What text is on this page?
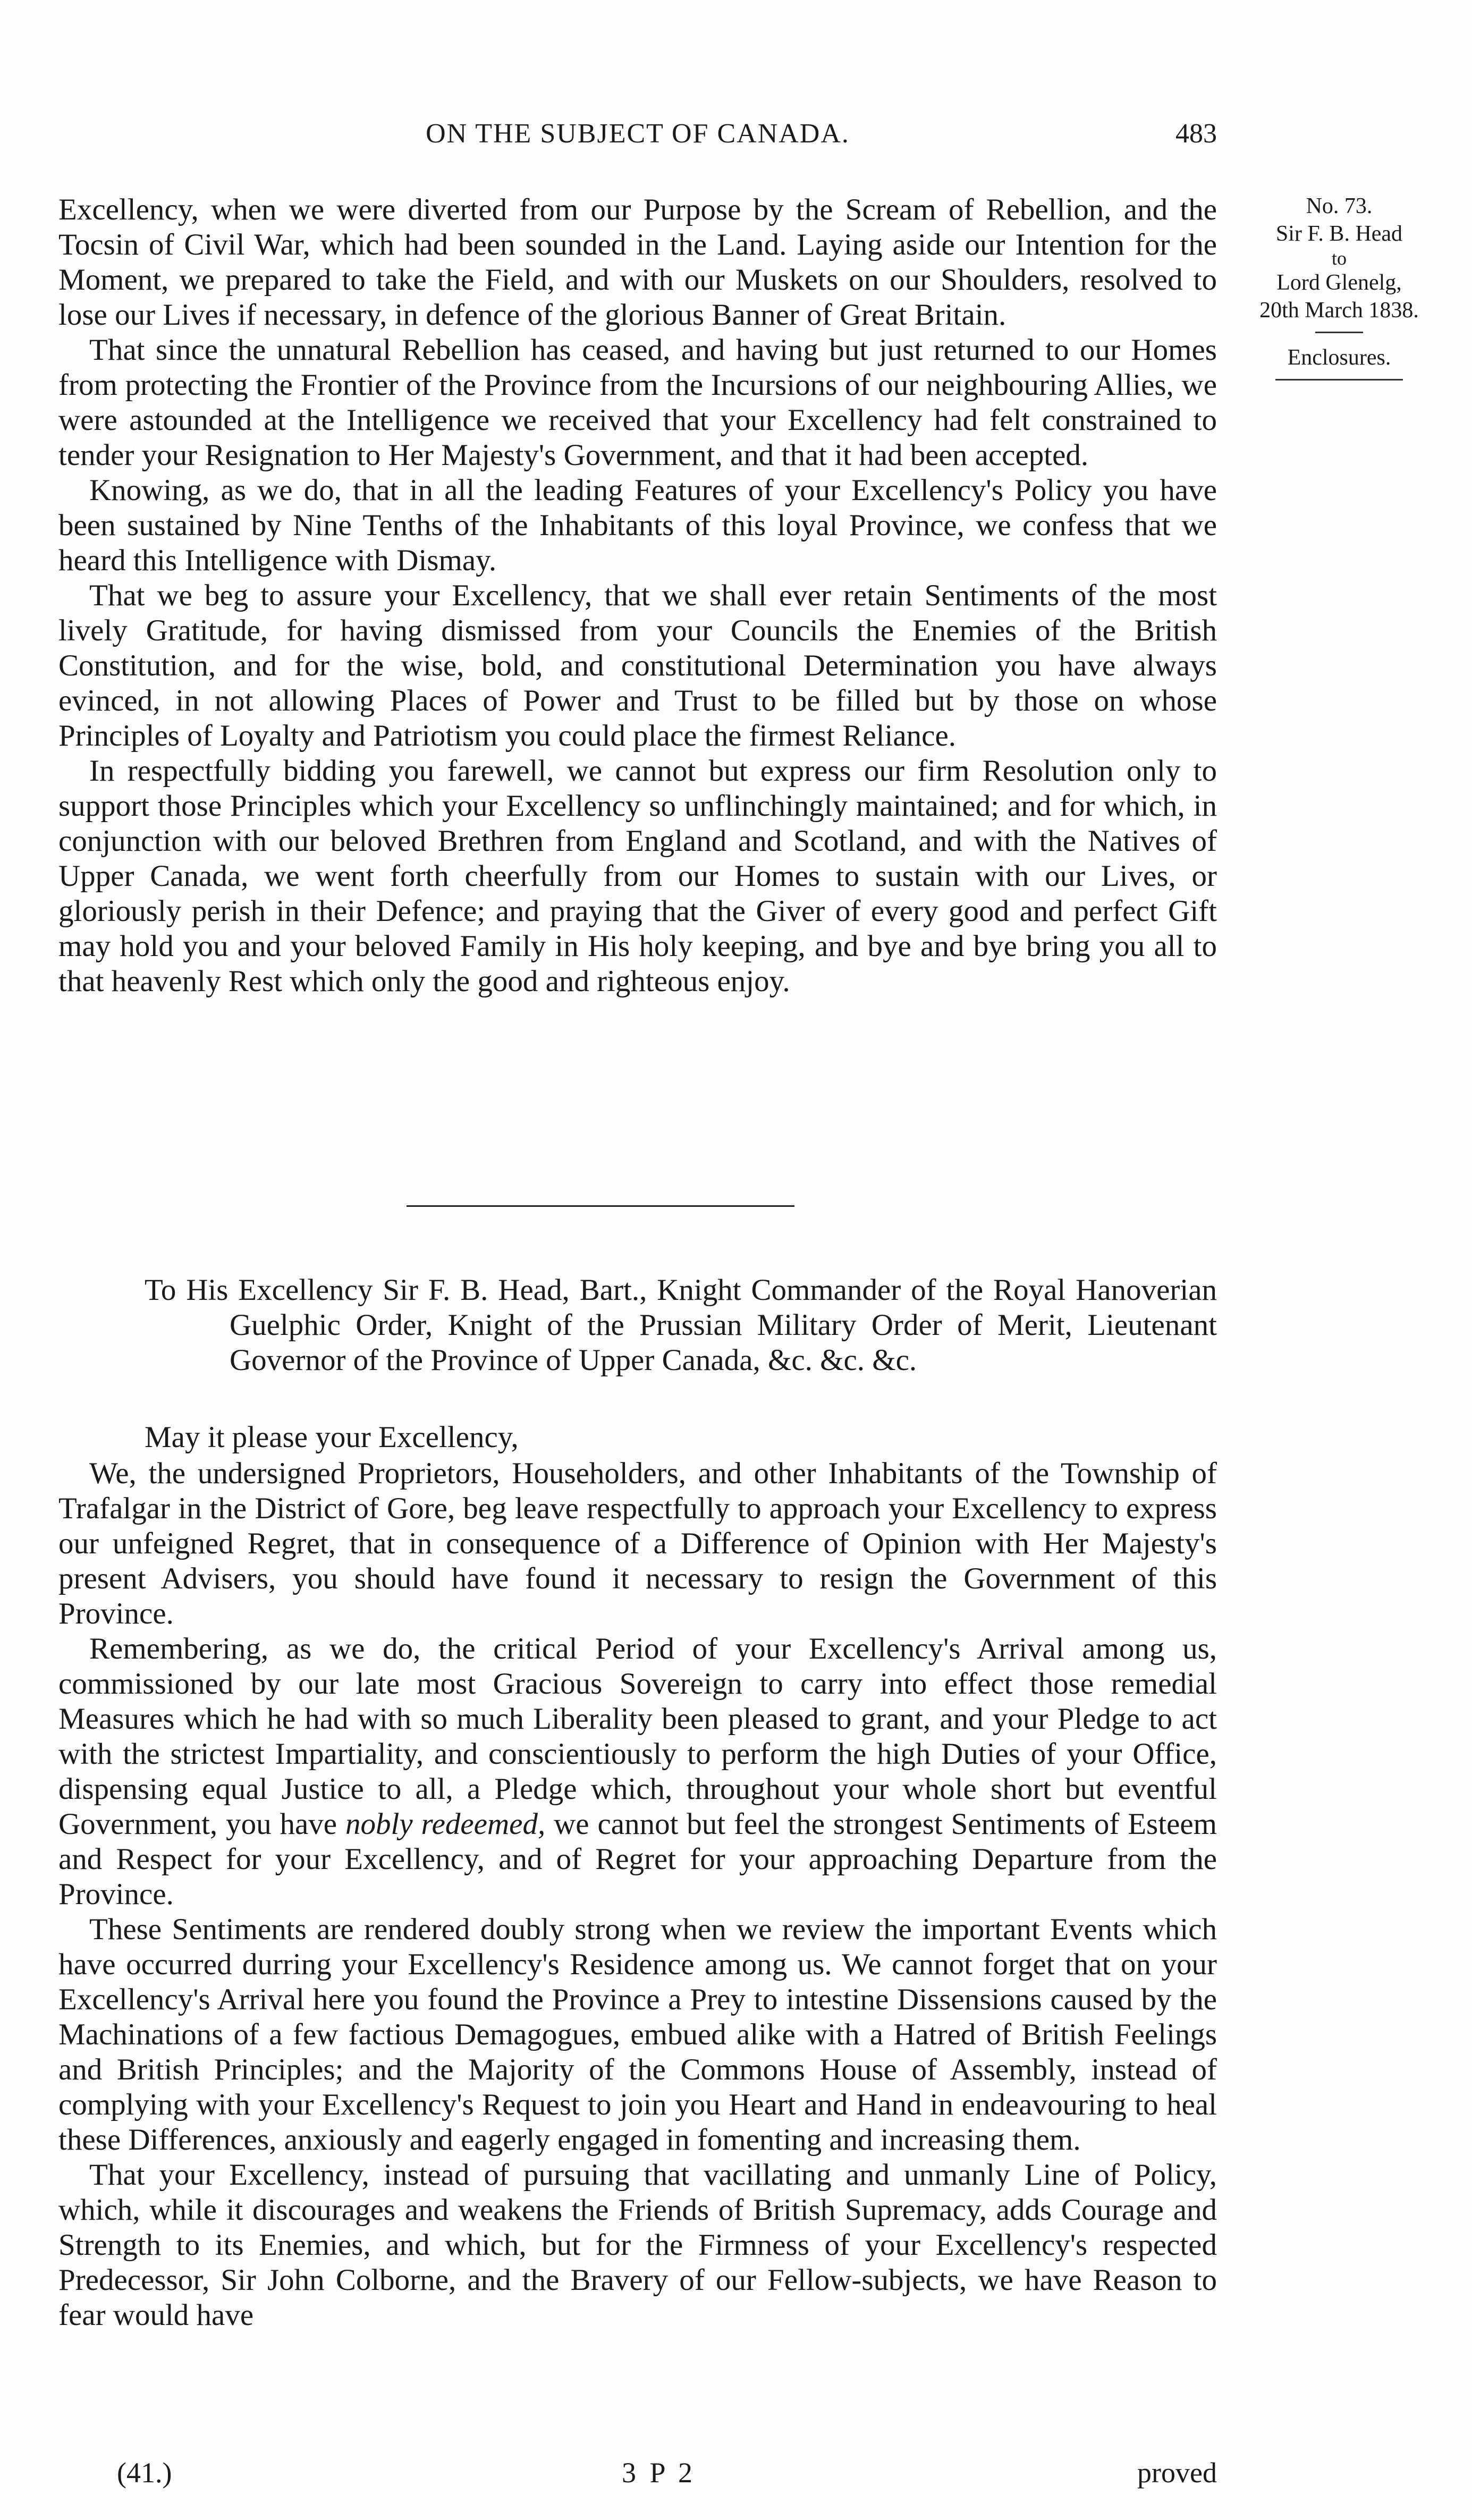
ON THE SUBJECT OF CANADA.	483
No. 73.
Sir F. B. Head
to
Lord Glenelg,
20th March 1838.
Enclosures.

Excellency, when we were diverted from our Purpose by the Scream of Rebellion, and the Tocsin of Civil War, which had been sounded in the Land. Laying aside our Intention for the Moment, we prepared to take the Field, and with our Muskets on our Shoulders, resolved to lose our Lives if necessary, in defence of the glorious Banner of Great Britain.

That since the unnatural Rebellion has ceased, and having but just returned to our Homes from protecting the Frontier of the Province from the Incursions of our neighbouring Allies, we were astounded at the Intelligence we received that your Excellency had felt constrained to tender your Resignation to Her Majesty's Government, and that it had been accepted.

Knowing, as we do, that in all the leading Features of your Excellency's Policy you have been sustained by Nine Tenths of the Inhabitants of this loyal Province, we confess that we heard this Intelligence with Dismay.

That we beg to assure your Excellency, that we shall ever retain Sentiments of the most lively Gratitude, for having dismissed from your Councils the Enemies of the British Constitution, and for the wise, bold, and constitutional Determination you have always evinced, in not allowing Places of Power and Trust to be filled but by those on whose Principles of Loyalty and Patriotism you could place the firmest Reliance.

In respectfully bidding you farewell, we cannot but express our firm Resolution only to support those Principles which your Excellency so unflinchingly maintained; and for which, in conjunction with our beloved Brethren from England and Scotland, and with the Natives of Upper Canada, we went forth cheerfully from our Homes to sustain with our Lives, or gloriously perish in their Defence; and praying that the Giver of every good and perfect Gift may hold you and your beloved Family in His holy keeping, and bye and bye bring you all to that heavenly Rest which only the good and righteous enjoy.

To His Excellency Sir F. B. Head, Bart., Knight Commander of the Royal Hanoverian Guelphic Order, Knight of the Prussian Military Order of Merit, Lieutenant Governor of the Province of Upper Canada, &c. &c. &c.
May it please your Excellency,

We, the undersigned Proprietors, Householders, and other Inhabitants of the Township of Trafalgar in the District of Gore, beg leave respectfully to approach your Excellency to express our unfeigned Regret, that in consequence of a Difference of Opinion with Her Majesty's present Advisers, you should have found it necessary to resign the Government of this Province.

Remembering, as we do, the critical Period of your Excellency's Arrival among us, commissioned by our late most Gracious Sovereign to carry into effect those remedial Measures which he had with so much Liberality been pleased to grant, and your Pledge to act with the strictest Impartiality, and conscientiously to perform the high Duties of your Office, dispensing equal Justice to all, a Pledge which, throughout your whole short but eventful Government, you have nobly redeemed, we cannot but feel the strongest Sentiments of Esteem and Respect for your Excellency, and of Regret for your approaching Departure from the Province.

These Sentiments are rendered doubly strong when we review the important Events which have occurred durring your Excellency's Residence among us. We cannot forget that on your Excellency's Arrival here you found the Province a Prey to intestine Dissensions caused by the Machinations of a few factious Demagogues, embued alike with a Hatred of British Feelings and British Principles; and the Majority of the Commons House of Assembly, instead of complying with your Excellency's Request to join you Heart and Hand in endeavouring to heal these Differences, anxiously and eagerly engaged in fomenting and increasing them.

That your Excellency, instead of pursuing that vacillating and unmanly Line of Policy, which, while it discourages and weakens the Friends of British Supremacy, adds Courage and Strength to its Enemies, and which, but for the Firmness of your Excellency's respected Predecessor, Sir John Colborne, and the Bravery of our Fellow-subjects, we have Reason to fear would have

(41.)	3 P 2	proved
